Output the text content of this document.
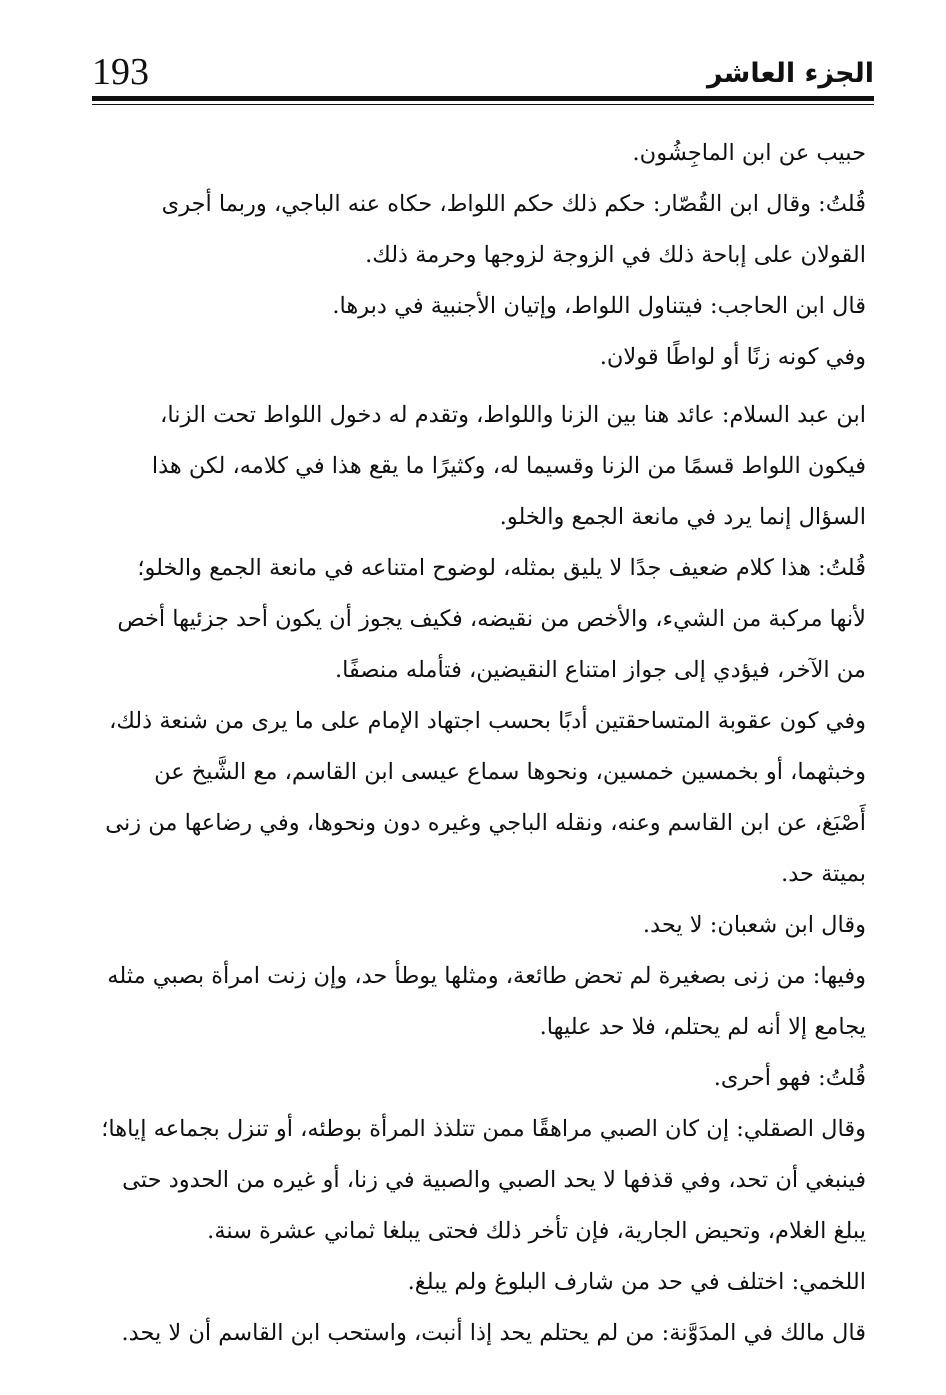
193	الجزء العاشر

حبيب عن ابن الماجِشُون.

قُلتُ: وقال ابن القُصّار: حكم ذلك حكم اللواط، حكاه عنه الباجي، وربما أجرى القولان على إباحة ذلك في الزوجة لزوجها وحرمة ذلك.

قال ابن الحاجب: فيتناول اللواط، وإتيان الأجنبية في دبرها.

وفي كونه زنًا أو لواطًا قولان.

ابن عبد السلام: عائد هنا بين الزنا واللواط، وتقدم له دخول اللواط تحت الزنا، فيكون اللواط قسمًا من الزنا وقسيما له، وكثيرًا ما يقع هذا في كلامه، لكن هذا السؤال إنما يرد في مانعة الجمع والخلو.

قُلتُ: هذا كلام ضعيف جدًا لا يليق بمثله، لوضوح امتناعه في مانعة الجمع والخلو؛ لأنها مركبة من الشيء، والأخص من نقيضه، فكيف يجوز أن يكون أحد جزئيها أخص من الآخر، فيؤدي إلى جواز امتناع النقيضين، فتأمله منصفًا.

وفي كون عقوبة المتساحقتين أدبًا بحسب اجتهاد الإمام على ما يرى من شنعة ذلك، وخبثهما، أو بخمسين خمسين، ونحوها سماع عيسى ابن القاسم، مع الشَّيخ عن أَصْبَغ، عن ابن القاسم وعنه، ونقله الباجي وغيره دون ونحوها، وفي رضاعها من زنى بميتة حد.

وقال ابن شعبان: لا يحد.

وفيها: من زنى بصغيرة لم تحض طائعة، ومثلها يوطأ حد، وإن زنت امرأة بصبي مثله يجامع إلا أنه لم يحتلم، فلا حد عليها.

قُلتُ: فهو أحرى.

وقال الصقلي: إن كان الصبي مراهقًا ممن تتلذذ المرأة بوطئه، أو تنزل بجماعه إياها؛ فينبغي أن تحد، وفي قذفها لا يحد الصبي والصبية في زنا، أو غيره من الحدود حتى يبلغ الغلام، وتحيض الجارية، فإن تأخر ذلك فحتى يبلغا ثماني عشرة سنة.

اللخمي: اختلف في حد من شارف البلوغ ولم يبلغ.

قال مالك في المدَوَّنة: من لم يحتلم يحد إذا أنبت، واستحب ابن القاسم أن لا يحد.
